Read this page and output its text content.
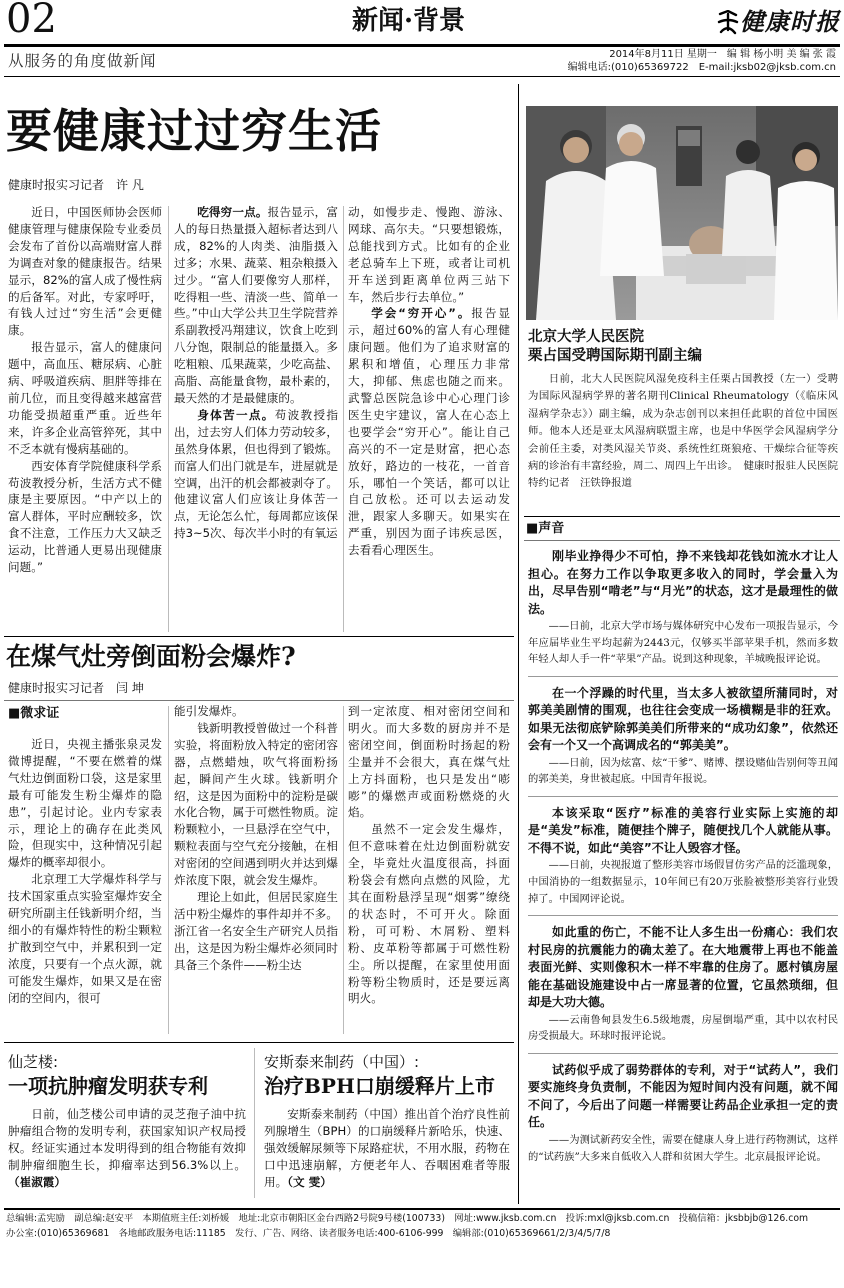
02	新闻·背景	健康时报
从服务的角度做新闻	2014年8月11日 星期一　编 辑 杨小明 美 编 张 霞
编辑电话:(010)65369722　E-mail:jksb02@jksb.com.cn
要健康过过穷生活
健康时报实习记者　许 凡

近日，中国医师协会医师健康管理与健康保险专业委员会发布了首份以高端财富人群为调查对象的健康报告。结果显示，82%的富人成了慢性病的后备军。对此，专家呼吁，有钱人过过“穷生活”会更健康。

报告显示，富人的健康问题中，高血压、糖尿病、心脏病、呼吸道疾病、胆胖等排在前几位，而且变得越来越富营功能受损超重严重。近些年来，许多企业高管猝死，其中不乏本就有慢病基础的。

西安体育学院健康科学系苟波教授分析，生活方式不健康是主要原因。“中产以上的富人群体，平时应酬较多，饮食不注意，工作压力大又缺乏运动，比普通人更易出现健康问题。”

吃得穷一点。报告显示，富人的每日热量摄入超标者达到八成，82%的人肉类、油脂摄入过多；水果、蔬菜、粗杂粮摄入过少。“富人们要像穷人那样，吃得粗一些、清淡一些、简单一些。”中山大学公共卫生学院营养系副教授冯翔建议，饮食上吃到八分饱，限制总的能量摄入。多吃粗粮、瓜果蔬菜，少吃高盐、高脂、高能量食物，最朴素的，最天然的才是最健康的。

身体苦一点。苟波教授指出，过去穷人们体力劳动较多，虽然身体累，但也得到了锻炼。而富人们出门就是车，进屋就是空调，出汗的机会都被剥夺了。他建议富人们应该让身体苦一点，无论怎么忙，每周都应该保持3~5次、每次半小时的有氧运

动，如慢步走、慢跑、游泳、网球、高尔夫。“只要想锻炼，总能找到方式。比如有的企业老总骑车上下班，或者让司机开车送到距离单位两三站下车，然后步行去单位。”

学会“穷开心”。报告显示，超过60%的富人有心理健康问题。他们为了追求财富的累积和增值，心理压力非常大，抑郁、焦虑也随之而来。武警总医院急诊中心心理门诊医生史宇建议，富人在心态上也要学会“穷开心”。能让自己高兴的不一定是财富，把心态放好，路边的一枝花，一首音乐，哪怕一个笑话，都可以让自己放松。还可以去运动发泄，跟家人多聊天。如果实在严重，别因为面子讳疾忌医，去看看心理医生。

北京大学人民医院
栗占国受聘国际期刊副主编
日前，北大人民医院风湿免疫科主任栗占国教授（左一）受聘为国际风湿病学界的著名期刊Clinical Rheumatology（《临床风湿病学杂志》）副主编，成为杂志创刊以来担任此职的首位中国医师。他本人还是亚太风湿病联盟主席，也是中华医学会风湿病学分会前任主委，对类风湿关节炎、系统性红斑狼疮、干燥综合征等疾病的诊治有丰富经验，周二、周四上午出诊。　健康时报驻人民医院特约记者　汪铁铮报道
■声音

刚毕业挣得少不可怕，挣不来钱却花钱如流水才让人担心。在努力工作以争取更多收入的同时，学会量入为出，尽早告别“啃老”与“月光”的状态，这才是最理性的做法。

——日前，北京大学市场与媒体研究中心发布一项报告显示，今年应届毕业生平均起薪为2443元，仅够买半部苹果手机，然而多数年轻人却人手一件“苹果”产品。说到这种现象，羊城晚报评论说。

在一个浮躁的时代里，当太多人被欲望所蒲同时，对郭美美剧情的围观，也往往会变成一场横糊是非的狂欢。如果无法彻底铲除郭美美们所带来的“成功幻象”，依然还会有一个又一个高调成名的“郭美美”。

——日前，因为炫富、炫“干爹”、赌博、摆设赌仙告别何等丑闻的郭美美，身世被起底。中国青年报说。

本该采取“医疗”标准的美容行业实际上实施的却是“美发”标准，随便挂个牌子，随便找几个人就能从事。不得不说，如此“美容”不让人毁容才怪。

——日前，央视报道了整形美容市场假冒仿劣产品的泛滥现象，中国消协的一组数据显示，10年间已有20万张脸被整形美容行业毁掉了。中国网评论说。

如此重的伤亡，不能不让人多生出一份痛心：我们农村民房的抗震能力的确太差了。在大地震带上再也不能盖表面光鲜、实则像积木一样不牢靠的住房了。愿村镇房屋能在基础设施建设中占一席显著的位置，它虽然琐细，但却是大功大德。

——云南鲁甸县发生6.5级地震，房屋倒塌严重，其中以农村民房受损最大。环球时报评论说。

试药似乎成了弱势群体的专利，对于“试药人”，我们要实施终身负责制，不能因为短时间内没有问题，就不闻不问了，今后出了问题一样需要让药品企业承担一定的责任。

——为测试新药安全性，需要在健康人身上进行药物测试，这样的“试药族”大多来自低收入人群和贫困大学生。北京晨报评论说。
在煤气灶旁倒面粉会爆炸?
健康时报实习记者　闫 坤
■微求证

近日，央视主播张泉灵发微博提醒，“不要在燃着的煤气灶边倒面粉口袋，这是家里最有可能发生粉尘爆炸的隐患”，引起讨论。业内专家表示，理论上的确存在此类风险，但现实中，这种情况引起爆炸的概率却很小。

北京理工大学爆炸科学与技术国家重点实验室爆炸安全研究所副主任钱新明介绍，当细小的有爆炸特性的粉尘颗粒扩散到空气中，并累积到一定浓度，只要有一个点火源，就可能发生爆炸，如果又是在密闭的空间内，很可

能引发爆炸。

钱新明教授曾做过一个科普实验，将面粉放入特定的密闭容器，点燃蜡烛，吹气将面粉扬起，瞬间产生火球。钱新明介绍，这是因为面粉中的淀粉是碳水化合物，属于可燃性物质。淀粉颗粒小，一旦悬浮在空气中，颗粒表面与空气充分接触，在相对密闭的空间遇到明火并达到爆炸浓度下限，就会发生爆炸。

理论上如此，但居民家庭生活中粉尘爆炸的事件却并不多。浙江省一名安全生产研究人员指出，这是因为粉尘爆炸必须同时具备三个条件——粉尘达

到一定浓度、相对密闭空间和明火。而大多数的厨房并不是密闭空间，倒面粉时扬起的粉尘量并不会很大，真在煤气灶上方抖面粉，也只是发出“嘭嘭”的爆燃声或面粉燃烧的火焰。

虽然不一定会发生爆炸，但不意味着在灶边倒面粉就安全，毕竟灶火温度很高，抖面粉袋会有燃向点燃的风险，尤其在面粉悬浮呈现“烟雾”缭绕的状态时，不可开火。除面粉，可可粉、木屑粉、塑料粉、皮革粉等都属于可燃性粉尘。所以提醒，在家里使用面粉等粉尘物质时，还是要远离明火。

仙芝楼:
一项抗肿瘤发明获专利

日前，仙芝楼公司申请的灵芝孢子油中抗肿瘤组合物的发明专利，获国家知识产权局授权。经证实通过本发明得到的组合物能有效抑制肿瘤细胞生长，抑瘤率达到56.3%以上。（崔淑霞）

安斯泰来制药（中国）:
治疗BPH口崩缓释片上市

安斯泰来制药（中国）推出首个治疗良性前列腺增生（BPH）的口崩缓释片新哈乐，快速、强效缓解尿频等下尿路症状，不用水服，药物在口中迅速崩解，方便老年人、吞咽困难者等服用。（文 雯）

总编辑:孟宪励　副总编:赵安平　本期值班主任:刘桥媛　地址:北京市朝阳区金台西路2号院9号楼(100733)　网址:www.jksb.com.cn　投诉:mxl@jksb.com.cn　投稿信箱：jksbbjb@126.com
办公室:(010)65369681　各地邮政服务电话:11185　发行、广告、网络、读者服务电话:400-6106-999　编辑部:(010)65369661/2/3/4/5/7/8
